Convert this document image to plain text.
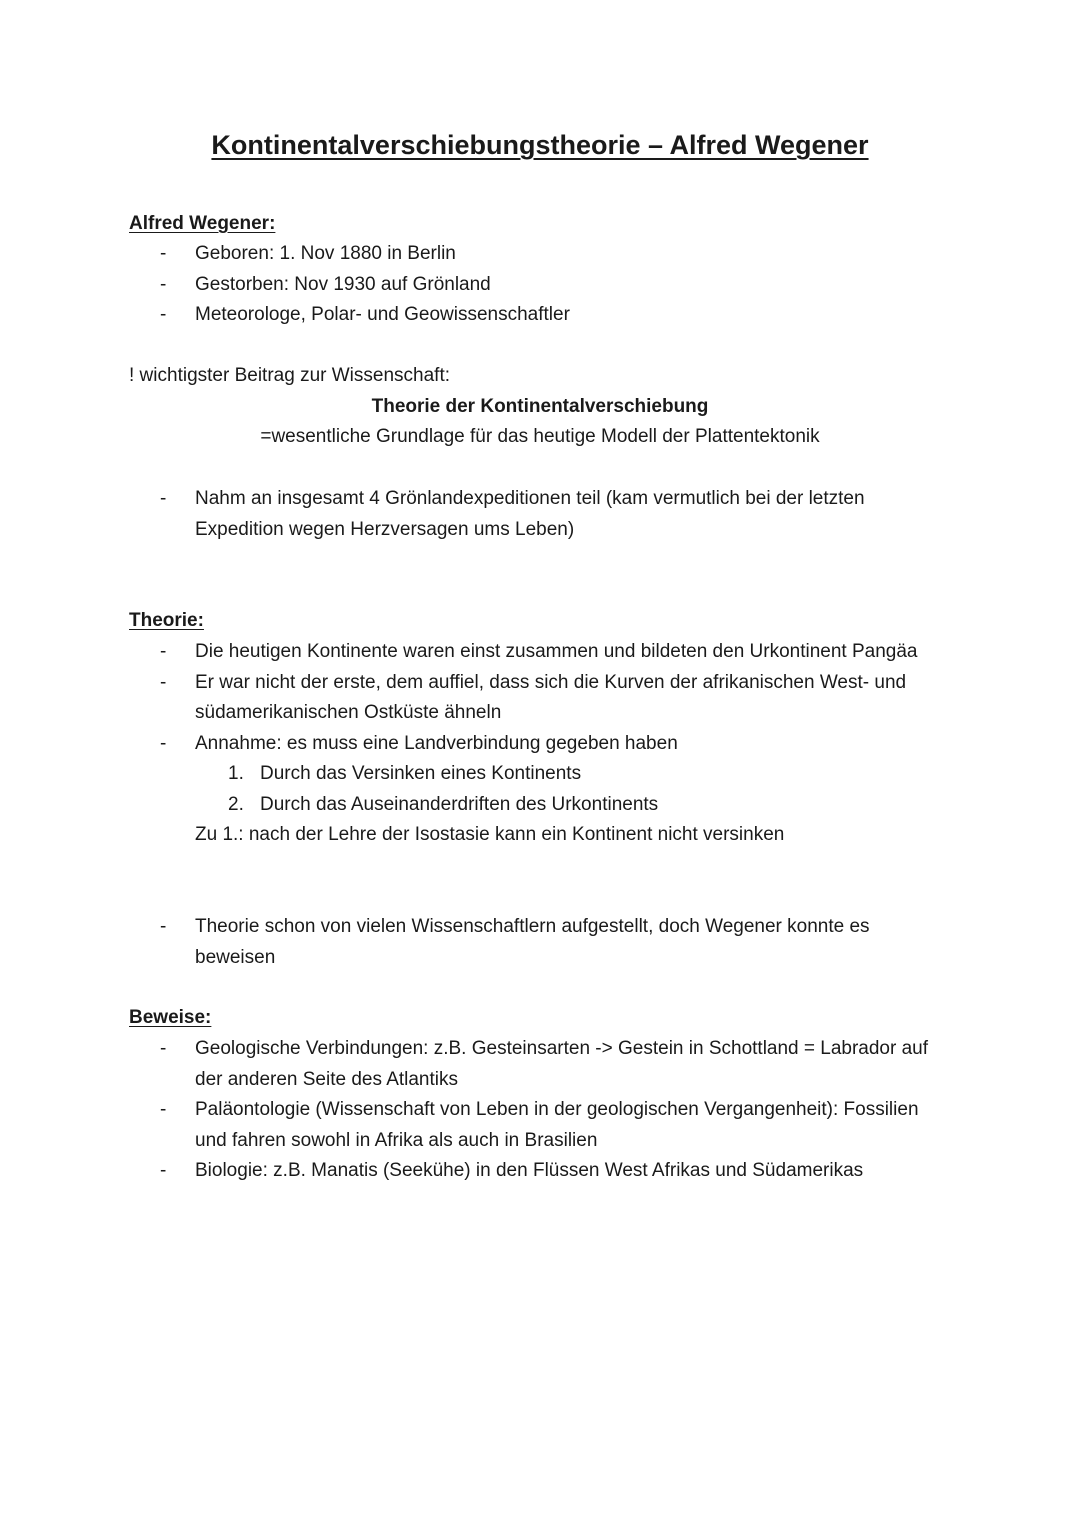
Kontinentalverschiebungstheorie – Alfred Wegener
Alfred Wegener:
- Geboren: 1. Nov 1880 in Berlin
- Gestorben: Nov 1930 auf Grönland
- Meteorologe, Polar- und Geowissenschaftler
! wichtigster Beitrag zur Wissenschaft:
Theorie der Kontinentalverschiebung
=wesentliche Grundlage für das heutige Modell der Plattentektonik
- Nahm an insgesamt 4 Grönlandexpeditionen teil (kam vermutlich bei der letzten Expedition wegen Herzversagen ums Leben)
Theorie:
- Die heutigen Kontinente waren einst zusammen und bildeten den Urkontinent Pangäa
- Er war nicht der erste, dem auffiel, dass sich die Kurven der afrikanischen West- und südamerikanischen Ostküste ähneln
- Annahme: es muss eine Landverbindung gegeben haben
1. Durch das Versinken eines Kontinents
2. Durch das Auseinanderdriften des Urkontinents
Zu 1.: nach der Lehre der Isostasie kann ein Kontinent nicht versinken
- Theorie schon von vielen Wissenschaftlern aufgestellt, doch Wegener konnte es beweisen
Beweise:
- Geologische Verbindungen: z.B. Gesteinsarten -> Gestein in Schottland = Labrador auf der anderen Seite des Atlantiks
- Paläontologie (Wissenschaft von Leben in der geologischen Vergangenheit): Fossilien und fahren sowohl in Afrika als auch in Brasilien
- Biologie: z.B. Manatis (Seekühe) in den Flüssen West Afrikas und Südamerikas
